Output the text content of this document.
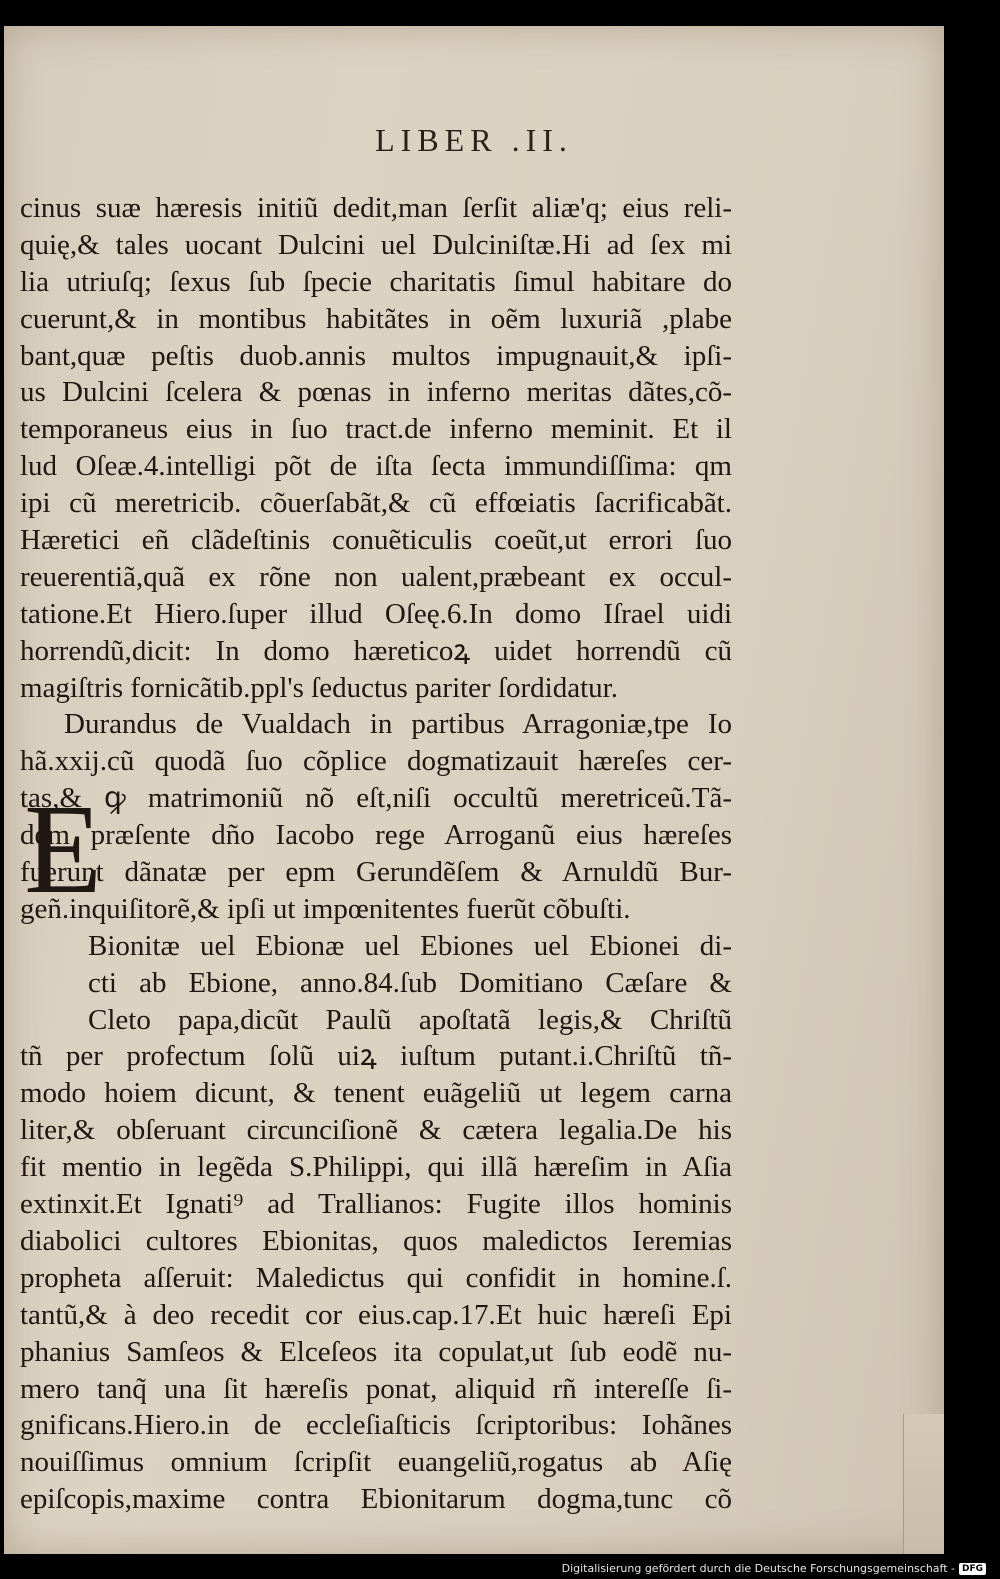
LIBER .II.
E
cinus suæ hæresis initiũ dedit,man ſerſit aliæ'q; eius reli-
quię,& tales uocant Dulcini uel Dulciniſtæ.Hi ad ſex mi
lia utriuſq; ſexus ſub ſpecie charitatis ſimul habitare do
cuerunt,& in montibus habitãtes in oẽm luxuriã ,plabe
bant,quæ peſtis duob.annis multos impugnauit,& ipſi-
us Dulcini ſcelera & pœnas in inferno meritas dãtes,cõ-
temporaneus eius in ſuo tract.de inferno meminit. Et il
lud Oſeæ.4.intelligi põt de iſta ſecta immundiſſima: qm
ipi cũ meretricib. cõuerſabãt,& cũ effœiatis ſacrificabãt.
Hæretici eñ clãdeſtinis conuẽticulis coeũt,ut errori ſuo
reuerentiã,quã ex rõne non ualent,præbeant ex occul-
tatione.Et Hiero.ſuper illud Oſeę.6.In domo Iſrael uidi
horrendũ,dicit: In domo hæreticoꝝ uidet horrendũ cũ
magiſtris fornicãtib.ppl's ſeductus pariter ſordidatur.
Durandus de Vualdach in partibus Arragoniæ,tpe Io
hã.xxij.cũ quodã ſuo cõplice dogmatizauit hæreſes cer-
tas,& ꝙ matrimoniũ nõ eſt,niſi occultũ meretriceũ.Tã-
dem præſente dño Iacobo rege Arroganũ eius hæreſes
fuerunt dãnatæ per epm Gerundẽſem & Arnuldũ Bur-
geñ.inquiſitorẽ,& ipſi ut impœnitentes fuerũt cõbuſti.
Bionitæ uel Ebionæ uel Ebiones uel Ebionei di-
cti ab Ebione, anno.84.ſub Domitiano Cæſare &
Cleto papa,dicũt Paulũ apoſtatã legis,& Chriſtũ
tñ per profectum ſolũ uiꝝ iuſtum putant.i.Chriſtũ tñ-
modo hoiem dicunt, & tenent euãgeliũ ut legem carna
liter,& obſeruant circunciſionẽ & cætera legalia.De his
fit mentio in legẽda S.Philippi, qui illã hæreſim in Aſia
extinxit.Et Ignati⁹ ad Trallianos: Fugite illos hominis
diabolici cultores Ebionitas, quos maledictos Ieremias
propheta aſſeruit: Maledictus qui confidit in homine.ſ.
tantũ,& à deo recedit cor eius.cap.17.Et huic hæreſi Epi
phanius Samſeos & Elceſeos ita copulat,ut ſub eodẽ nu-
mero tanq̃ una ſit hæreſis ponat, aliquid rñ intereſſe ſi-
gnificans.Hiero.in de eccleſiaſticis ſcriptoribus: Iohãnes
nouiſſimus omnium ſcripſit euangeliũ,rogatus ab Aſię
epiſcopis,maxime contra Ebionitarum dogma,tunc cõ
Digitalisierung gefördert durch die Deutsche Forschungsgemeinschaft - DFG
